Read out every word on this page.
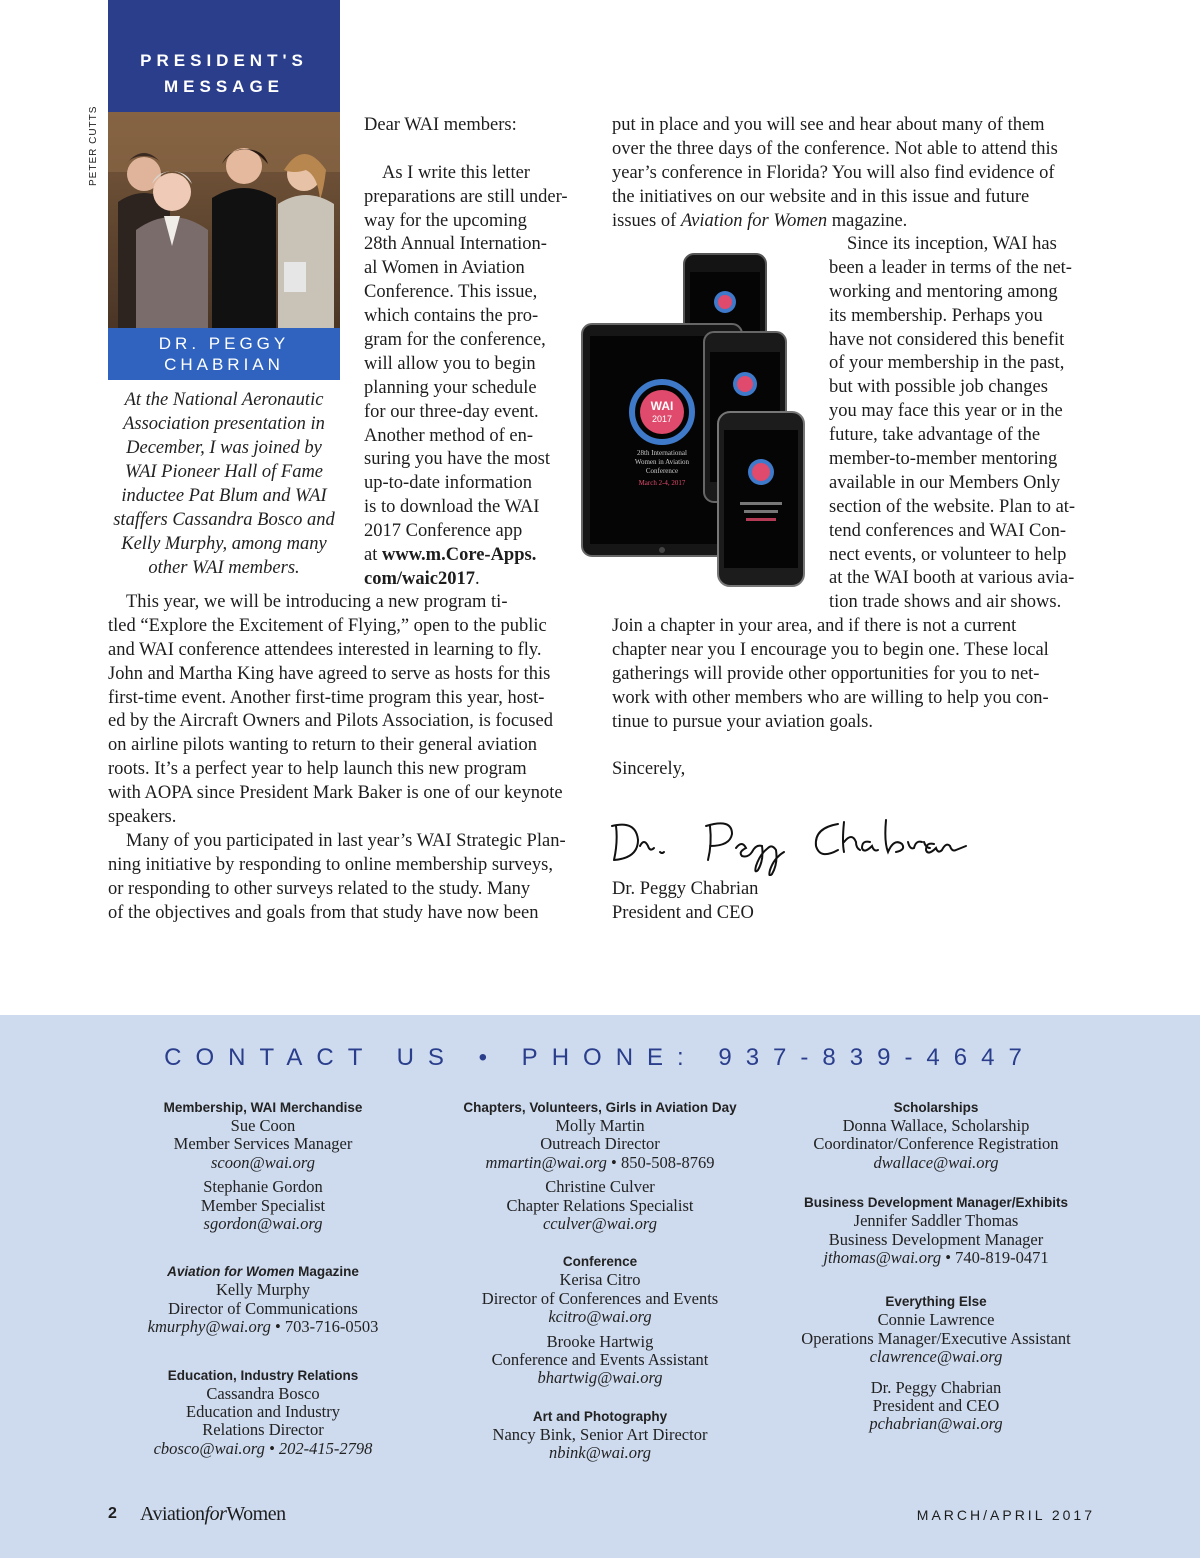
PRESIDENT'S
MESSAGE
PETER CUTTS
DR. PEGGY
CHABRIAN
At the National Aeronautic
Association presentation in
December, I was joined by
WAI Pioneer Hall of Fame
inductee Pat Blum and WAI
staffers Cassandra Bosco and
Kelly Murphy, among many
other WAI members.
Dear WAI members:
As I write this letter
preparations are still under-
way for the upcoming
28th Annual Internation-
al Women in Aviation
Conference. This issue,
which contains the pro-
gram for the conference,
will allow you to begin
planning your schedule
for our three-day event.
Another method of en-
suring you have the most
up-to-date information
is to download the WAI
2017 Conference app
at www.m.Core-Apps.
com/waic2017.
This year, we will be introducing a new program ti-
tled “Explore the Excitement of Flying,” open to the public
and WAI conference attendees interested in learning to fly.
John and Martha King have agreed to serve as hosts for this
first-time event. Another first-time program this year, host-
ed by the Aircraft Owners and Pilots Association, is focused
on airline pilots wanting to return to their general aviation
roots. It’s a perfect year to help launch this new program
with AOPA since President Mark Baker is one of our keynote
speakers.
Many of you participated in last year’s WAI Strategic Plan-
ning initiative by responding to online membership surveys,
or responding to other surveys related to the study. Many
of the objectives and goals from that study have now been
put in place and you will see and hear about many of them
over the three days of the conference. Not able to attend this
year’s conference in Florida? You will also find evidence of
the initiatives on our website and in this issue and future
issues of Aviation for Women magazine.
WAI
2017
28th International
Women in Aviation
Conference
March 2-4, 2017
Since its inception, WAI has
been a leader in terms of the net-
working and mentoring among
its membership. Perhaps you
have not considered this benefit
of your membership in the past,
but with possible job changes
you may face this year or in the
future, take advantage of the
member-to-member mentoring
available in our Members Only
section of the website. Plan to at-
tend conferences and WAI Con-
nect events, or volunteer to help
at the WAI booth at various avia-
tion trade shows and air shows.
Join a chapter in your area, and if there is not a current
chapter near you I encourage you to begin one. These local
gatherings will provide other opportunities for you to net-
work with other members who are willing to help you con-
tinue to pursue your aviation goals.
Sincerely,
Dr. Peggy Chabrian
President and CEO
CONTACT US • PHONE: 937-839-4647
Membership, WAI Merchandise
Sue Coon
Member Services Manager
scoon@wai.org
Stephanie Gordon
Member Specialist
sgordon@wai.org
Aviation for Women Magazine
Kelly Murphy
Director of Communications
kmurphy@wai.org • 703-716-0503
Education, Industry Relations
Cassandra Bosco
Education and Industry
Relations Director
cbosco@wai.org • 202-415-2798
Chapters, Volunteers, Girls in Aviation Day
Molly Martin
Outreach Director
mmartin@wai.org • 850-508-8769
Christine Culver
Chapter Relations Specialist
cculver@wai.org
Conference
Kerisa Citro
Director of Conferences and Events
kcitro@wai.org
Brooke Hartwig
Conference and Events Assistant
bhartwig@wai.org
Art and Photography
Nancy Bink, Senior Art Director
nbink@wai.org
Scholarships
Donna Wallace, Scholarship
Coordinator/Conference Registration
dwallace@wai.org
Business Development Manager/Exhibits
Jennifer Saddler Thomas
Business Development Manager
jthomas@wai.org • 740-819-0471
Everything Else
Connie Lawrence
Operations Manager/Executive Assistant
clawrence@wai.org
Dr. Peggy Chabrian
President and CEO
pchabrian@wai.org
2 AviationforWomen	MARCH/APRIL 2017
